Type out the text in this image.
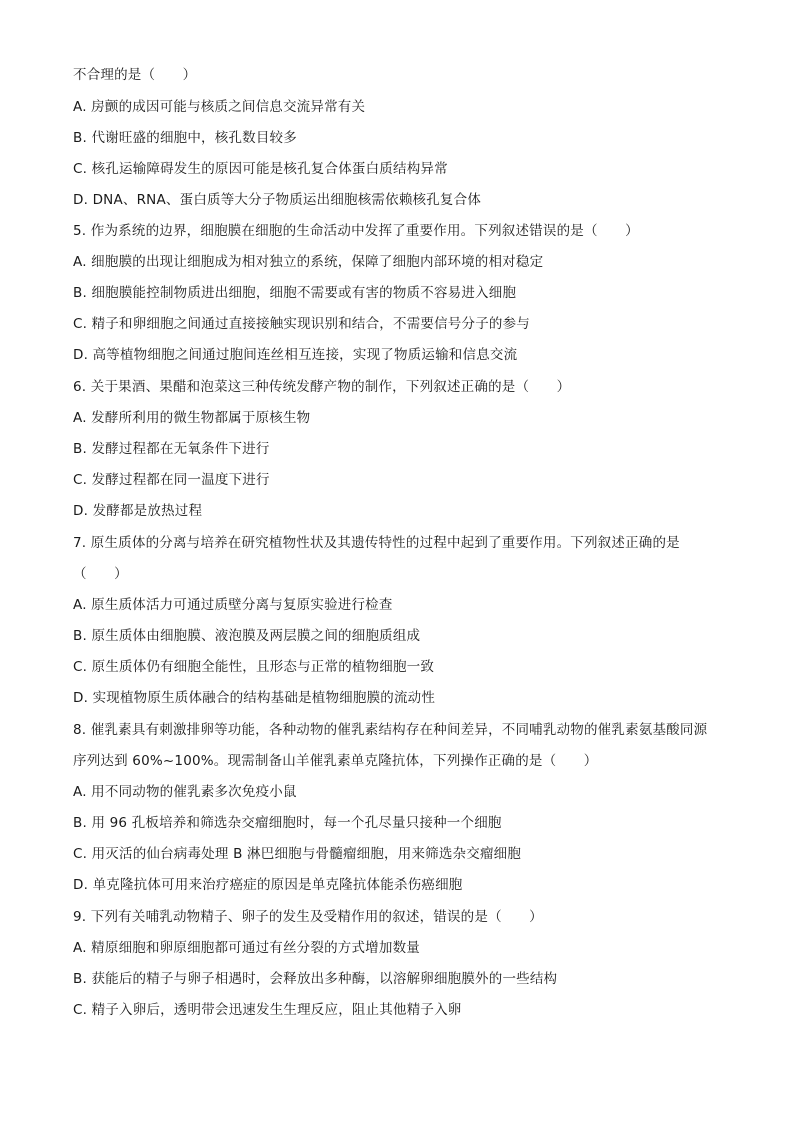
不合理的是（　　）
A. 房颤的成因可能与核质之间信息交流异常有关
B. 代谢旺盛的细胞中，核孔数目较多
C. 核孔运输障碍发生的原因可能是核孔复合体蛋白质结构异常
D. DNA、RNA、蛋白质等大分子物质运出细胞核需依赖核孔复合体
5. 作为系统的边界，细胞膜在细胞的生命活动中发挥了重要作用。下列叙述错误的是（　　）
A. 细胞膜的出现让细胞成为相对独立的系统，保障了细胞内部环境的相对稳定
B. 细胞膜能控制物质进出细胞，细胞不需要或有害的物质不容易进入细胞
C. 精子和卵细胞之间通过直接接触实现识别和结合，不需要信号分子的参与
D. 高等植物细胞之间通过胞间连丝相互连接，实现了物质运输和信息交流
6. 关于果酒、果醋和泡菜这三种传统发酵产物的制作，下列叙述正确的是（　　）
A. 发酵所利用的微生物都属于原核生物
B. 发酵过程都在无氧条件下进行
C. 发酵过程都在同一温度下进行
D. 发酵都是放热过程
7. 原生质体的分离与培养在研究植物性状及其遗传特性的过程中起到了重要作用。下列叙述正确的是
（　　）
A. 原生质体活力可通过质壁分离与复原实验进行检查
B. 原生质体由细胞膜、液泡膜及两层膜之间的细胞质组成
C. 原生质体仍有细胞全能性，且形态与正常的植物细胞一致
D. 实现植物原生质体融合的结构基础是植物细胞膜的流动性
8. 催乳素具有刺激排卵等功能，各种动物的催乳素结构存在种间差异，不同哺乳动物的催乳素氨基酸同源
序列达到 60%~100%。现需制备山羊催乳素单克隆抗体，下列操作正确的是（　　）
A. 用不同动物的催乳素多次免疫小鼠
B. 用 96 孔板培养和筛选杂交瘤细胞时，每一个孔尽量只接种一个细胞
C. 用灭活的仙台病毒处理 B 淋巴细胞与骨髓瘤细胞，用来筛选杂交瘤细胞
D. 单克隆抗体可用来治疗癌症的原因是单克隆抗体能杀伤癌细胞
9. 下列有关哺乳动物精子、卵子的发生及受精作用的叙述，错误的是（　　）
A. 精原细胞和卵原细胞都可通过有丝分裂的方式增加数量
B. 获能后的精子与卵子相遇时，会释放出多种酶，以溶解卵细胞膜外的一些结构
C. 精子入卵后，透明带会迅速发生生理反应，阻止其他精子入卵
